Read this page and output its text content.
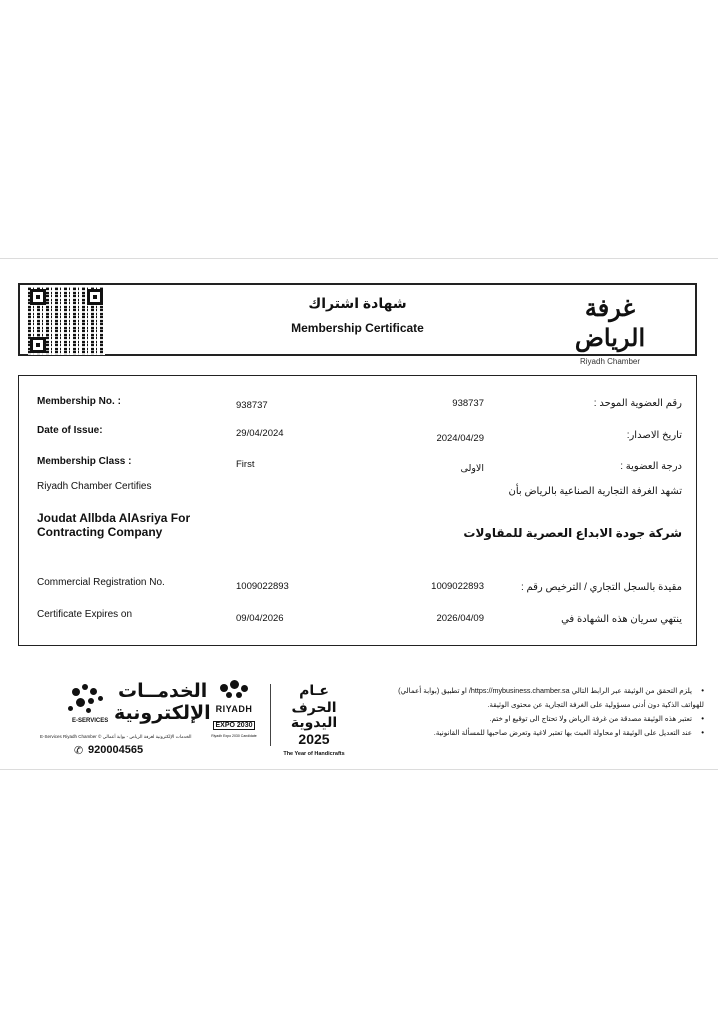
شهادة اشتراك
Membership Certificate
غرفة الرياض
Riyadh Chamber
Membership No. :	938737	938737	رقم العضوية الموحد :
Date of Issue:	29/04/2024	2024/04/29	تاريخ الاصدار:
Membership Class :	First	الاولى	درجة العضوية :
Riyadh Chamber Certifies	تشهد الغرفة التجارية الصناعية بالرياض بأن
Joudat Allbda AlAsriya For Contracting Company	شركة جودة الابداع العصرية للمقاولات
Commercial Registration No.	1009022893	1009022893	مقيدة بالسجل التجاري / الترخيص رقم :
Certificate Expires on	09/04/2026	2026/04/09	ينتهي سريان هذه الشهادة في
الخدمــات
الإلكترونية
E-SERVICES
E-Services Riyadh Chamber © الخدمات الإلكترونية لغرفة الرياض - بوابة أعمالي
✆ 920004565
RIYADH
EXPO 2030
Riyadh Expo 2030 Candidate
عـام الحرف
اليدوية 2025
The Year of Handicrafts
• يلزم التحقق من الوثيقة عبر الرابط التالي https://mybusiness.chamber.sa/ او تطبيق (بوابة أعمالي)
للهواتف الذكية دون أدنى مسؤولية على الغرفة التجارية عن محتوى الوثيقة.
• تعتبر هذه الوثيقة مصدقة من غرفة الرياض ولا تحتاج الى توقيع او ختم.
• عند التعديل على الوثيقة او محاولة العبث بها تعتبر لاغية وتعرض صاحبها للمسألة القانونية.
